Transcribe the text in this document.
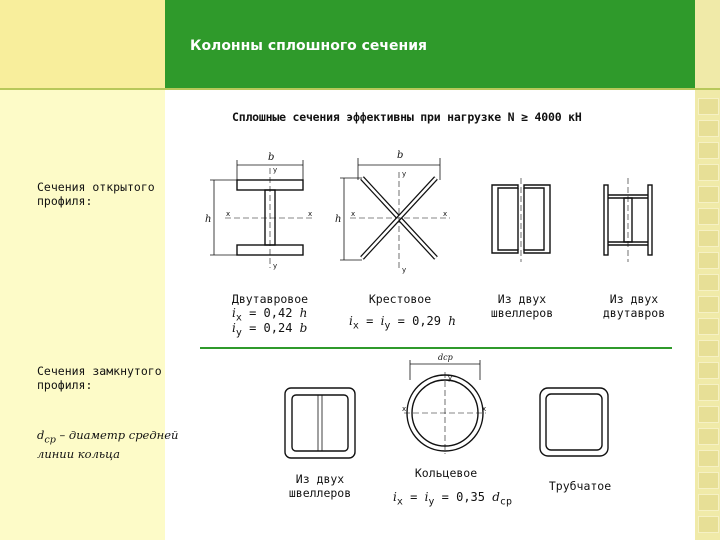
Колонны сплошного сечения
Сплошные сечения эффективны при нагрузке N ≥ 4000 кН
b
h
b
h
dср
x	x
y
y
x	x
y
y
x	x
y
Сечения открытого
профиля:
Двутавровое
$i_x = 0,42$ h
$i_y = 0,24$ b
Крестовое
$i_x = i_y = 0,29$ h
Из двух
швеллеров
Из двух
двутавров
Сечения замкнутого
профиля:
$d_{ср}$ – диаметр средней
линии кольца
Из двух
швеллеров
Кольцевое
$i_x = i_y = 0,35$ $d_{ср}$
Трубчатое
